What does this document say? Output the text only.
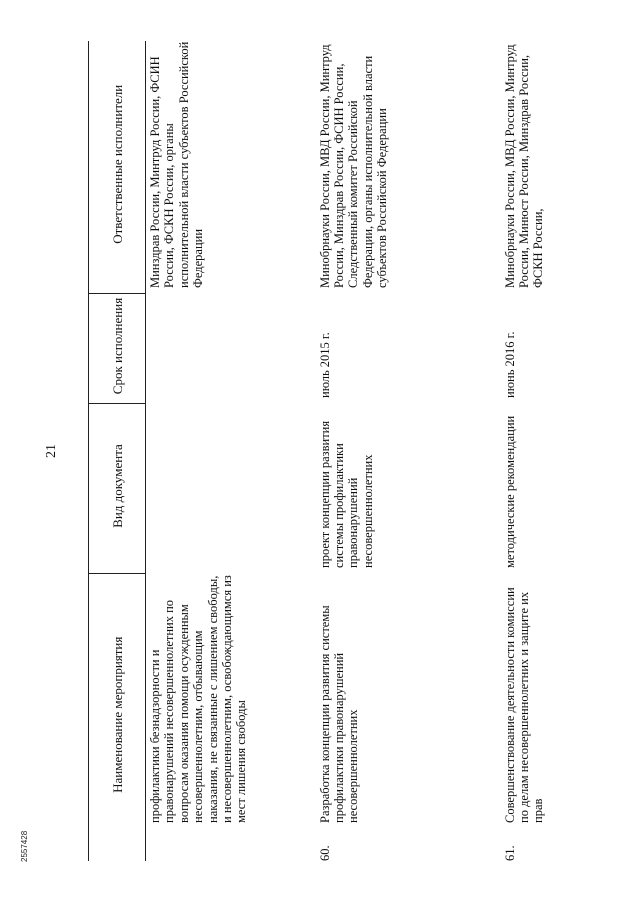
21
Наименование мероприятия		Вид документа	Срок исполнения	Ответственные исполнители
	профилактики безнадзорности и правонарушений несовершеннолетних по вопросам оказания помощи осужденным несовершеннолетним, отбывающим наказания, не связанные с лишением свободы, и несовершеннолетним, освобождающимся из мест лишения свободы			Минздрав России, Минтруд России, ФСИН России, ФСКН России, органы исполнительной власти субъектов Российской Федерации
60.	Разработка концепции развития системы профилактики правонарушений несовершеннолетних	проект концепции развития системы профилактики правонарушений несовершеннолетних	июль 2015 г.	Минобрнауки России, МВД России, Минтруд России, Минздрав России, ФСИН России, Следственный комитет Российской Федерации, органы исполнительной власти субъектов Российской Федерации
61.	Совершенствование деятельности комиссии по делам несовершеннолетних и защите их прав	методические рекомендации	июнь 2016 г.	Минобрнауки России, МВД России, Минтруд России, Минюст России, Минздрав России, ФСКН России,
2557428
